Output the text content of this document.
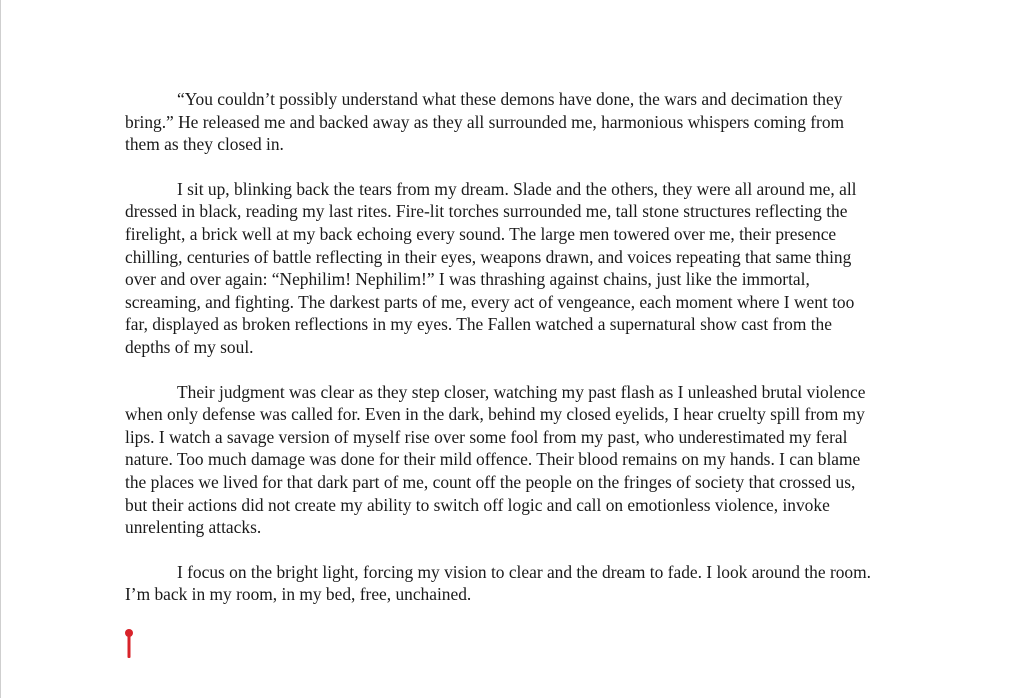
“You couldn’t possibly understand what these demons have done, the wars and decimation they bring.” He released me and backed away as they all surrounded me, harmonious whispers coming from them as they closed in.

I sit up, blinking back the tears from my dream. Slade and the others, they were all around me, all dressed in black, reading my last rites. Fire-lit torches surrounded me, tall stone structures reflecting the firelight, a brick well at my back echoing every sound. The large men towered over me, their presence chilling, centuries of battle reflecting in their eyes, weapons drawn, and voices repeating that same thing over and over again: “Nephilim! Nephilim!” I was thrashing against chains, just like the immortal, screaming, and fighting. The darkest parts of me, every act of vengeance, each moment where I went too far, displayed as broken reflections in my eyes. The Fallen watched a supernatural show cast from the depths of my soul.

Their judgment was clear as they step closer, watching my past flash as I unleashed brutal violence when only defense was called for. Even in the dark, behind my closed eyelids, I hear cruelty spill from my lips. I watch a savage version of myself rise over some fool from my past, who underestimated my feral nature. Too much damage was done for their mild offence. Their blood remains on my hands. I can blame the places we lived for that dark part of me, count off the people on the fringes of society that crossed us, but their actions did not create my ability to switch off logic and call on emotionless violence, invoke unrelenting attacks.

I focus on the bright light, forcing my vision to clear and the dream to fade. I look around the room. I’m back in my room, in my bed, free, unchained.
